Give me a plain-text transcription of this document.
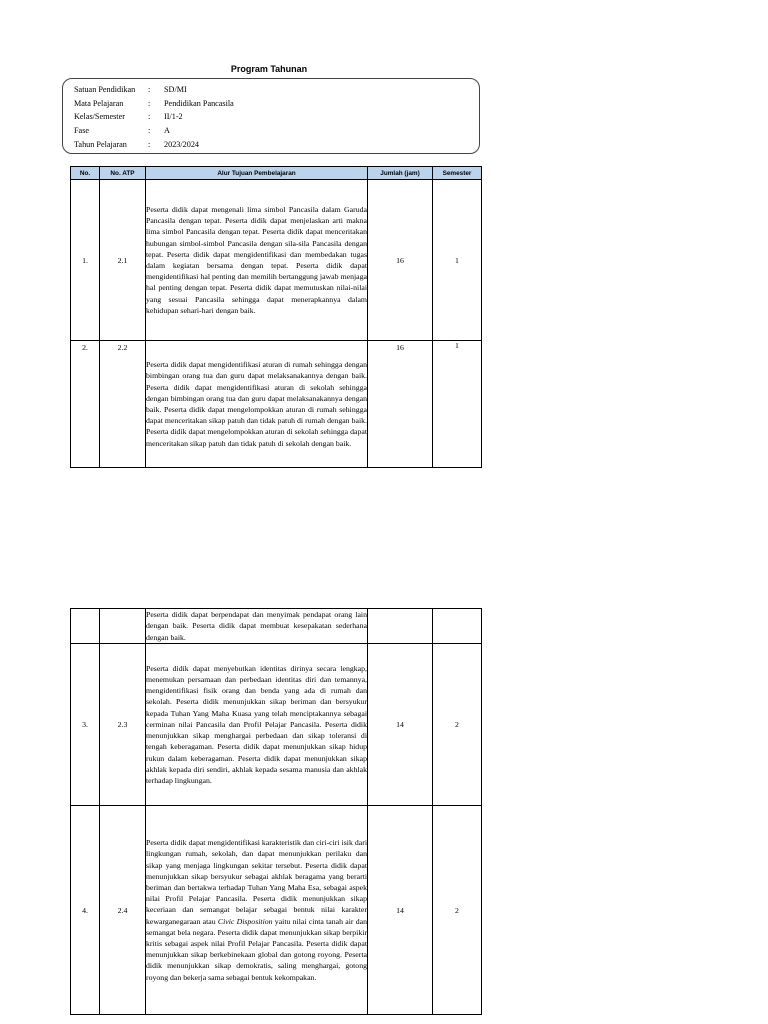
Program Tahunan
Satuan Pendidikan : SD/MI
Mata Pelajaran	: Pendidikan Pancasila
Kelas/Semester	: II/1-2
Fase	: A
Tahun Pelajaran	: 2023/2024
No.	No. ATP	Alur Tujuan Pembelajaran	Jumlah (jam)	Semester
1.	2.1	Peserta didik dapat mengenali lima simbol Pancasila dalam Garuda Pancasila dengan tepat. Peserta didik dapat menjelaskan arti makna lima simbol Pancasila dengan tepat. Peserta didik dapat menceritakan hubungan simbol-simbol Pancasila dengan sila-sila Pancasila dengan tepat. Peserta didik dapat mengidentifikasi dan membedakan tugas dalam kegiatan bersama dengan tepat. Peserta didik dapat mengidentifikasi hal penting dan memilih bertanggung jawab menjaga hal penting dengan tepat. Peserta didik dapat memutuskan nilai-nilai yang sesuai Pancasila sehingga dapat menerapkannya dalam kehidupan sehari-hari dengan baik.	16	1
2.	2.2	Peserta didik dapat mengidentifikasi aturan di rumah sehingga dengan bimbingan orang tua dan guru dapat melaksanakannya dengan baik. Peserta didik dapat mengidentifikasi aturan di sekolah sehingga dengan bimbingan orang tua dan guru dapat melaksanakannya dengan baik. Peserta didik dapat mengelompokkan aturan di rumah sehingga dapat menceritakan sikap patuh dan tidak patuh di rumah dengan baik. Peserta didik dapat mengelompokkan aturan di sekolah sehingga dapat menceritakan sikap patuh dan tidak patuh di sekolah dengan baik.	16	1

		Peserta didik dapat berpendapat dan menyimak pendapat orang lain dengan baik. Peserta didik dapat membuat kesepakatan sederhana dengan baik.		

3.	2.3	Peserta didik dapat menyebutkan identitas dirinya secara lengkap, menemukan persamaan dan perbedaan identitas diri dan temannya, mengidentifikasi fisik orang dan benda yang ada di rumah dan sekolah. Peserta didik menunjukkan sikap beriman dan bersyukur kepada Tuhan Yang Maha Kuasa yang telah menciptakannya sebagai cerminan nilai Pancasila dan Profil Pelajar Pancasila. Peserta didik menunjukkan sikap menghargai perbedaan dan sikap toleransi di tengah keberagaman. Peserta didik dapat menunjukkan sikap hidup rukun dalam keberagaman. Peserta didik dapat menunjukkan sikap akhlak kepada diri sendiri, akhlak kepada sesama manusia dan akhlak terhadap lingkungan.	14	2
4.	2.4	Peserta didik dapat mengidentifikasi karakteristik dan ciri-ciri isik dari lingkungan rumah, sekolah, dan dapat menunjukkan perilaku dan sikap yang menjaga lingkungan sekitar tersebut. Peserta didik dapat menunjukkan sikap bersyukur sebagai akhlak beragama yang berarti beriman dan bertakwa terhadap Tuhan Yang Maha Esa, sebagai aspek nilai Profil Pelajar Pancasila. Peserta didik menunjukkan sikap keceriaan dan semangat belajar sebagai bentuk nilai karakter kewarganegaraan atau Civic Disposition yaitu nilai cinta tanah air dan semangat bela negara. Peserta didik dapat menunjukkan sikap berpikir kritis sebagai aspek nilai Profil Pelajar Pancasila. Peserta didik dapat menunjukkan sikap berkebinekaan global dan gotong royong. Peserta didik menunjukkan sikap demokratis, saling menghargai, gotong royong dan bekerja sama sebagai bentuk kekompakan.	14	2
